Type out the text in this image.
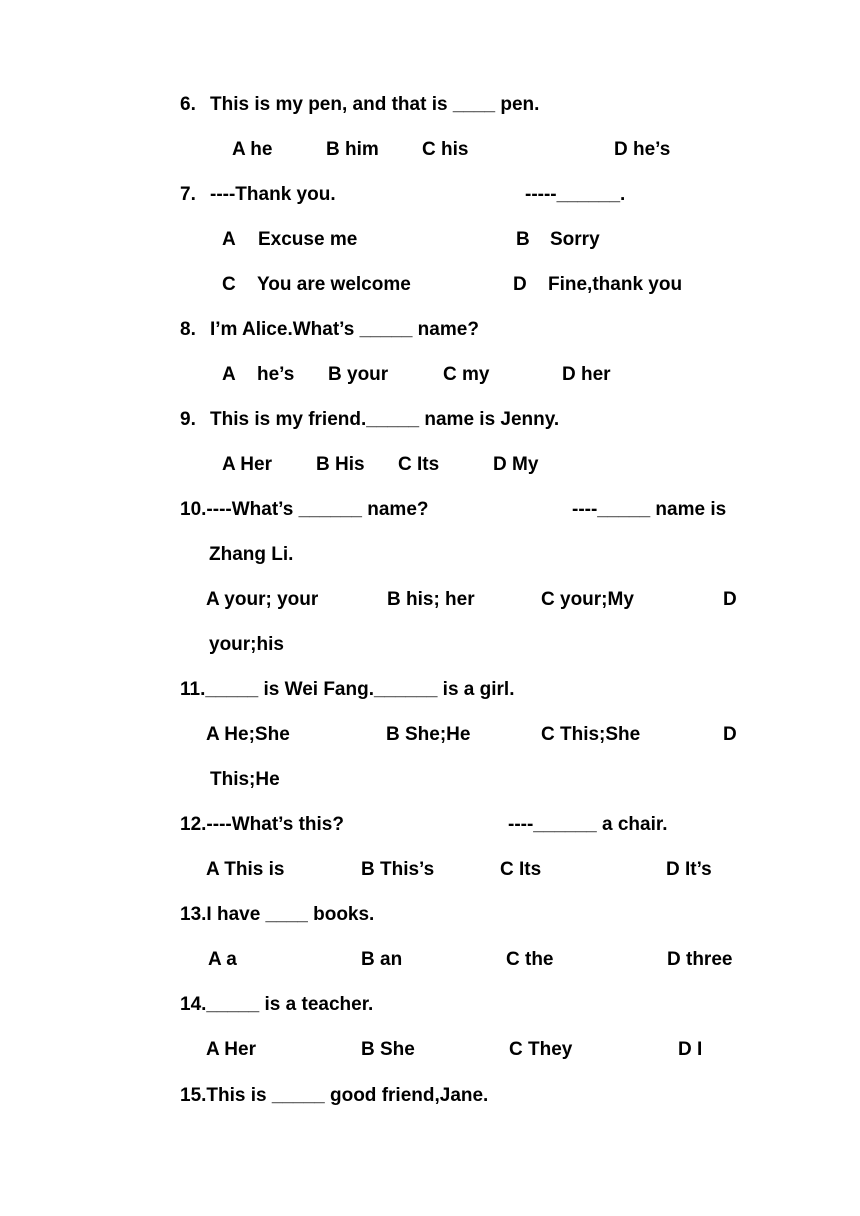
6.

This is my pen, and that is ____ pen.

A he

	B him

C his

	D he’s

7.

----Thank you.

	-----______.

A

Excuse me

	B

Sorry

C

You are welcome

	D

Fine,thank you

8.

I’m Alice.What’s _____ name?

A

he’s

B your

	C my

	D her

9.

This is my friend._____ name is Jenny.

A Her

B His

C Its

	D My

10.----What’s ______ name?

	----_____ name is

Zhang Li.

A your; your

	B his; her

	C your;My

	D

your;his

11._____ is Wei Fang.______ is a girl.

A He;She

	B She;He

	C This;She

	D

This;He

12.----What’s this?

	----______ a chair.

A This is

	B This’s

	C Its

	D It’s

13.I have ____ books.

A a

	B an

	C the

	D three

14._____ is a teacher.

A Her

	B She

	C They

	D I

15.This is _____ good friend,Jane.
